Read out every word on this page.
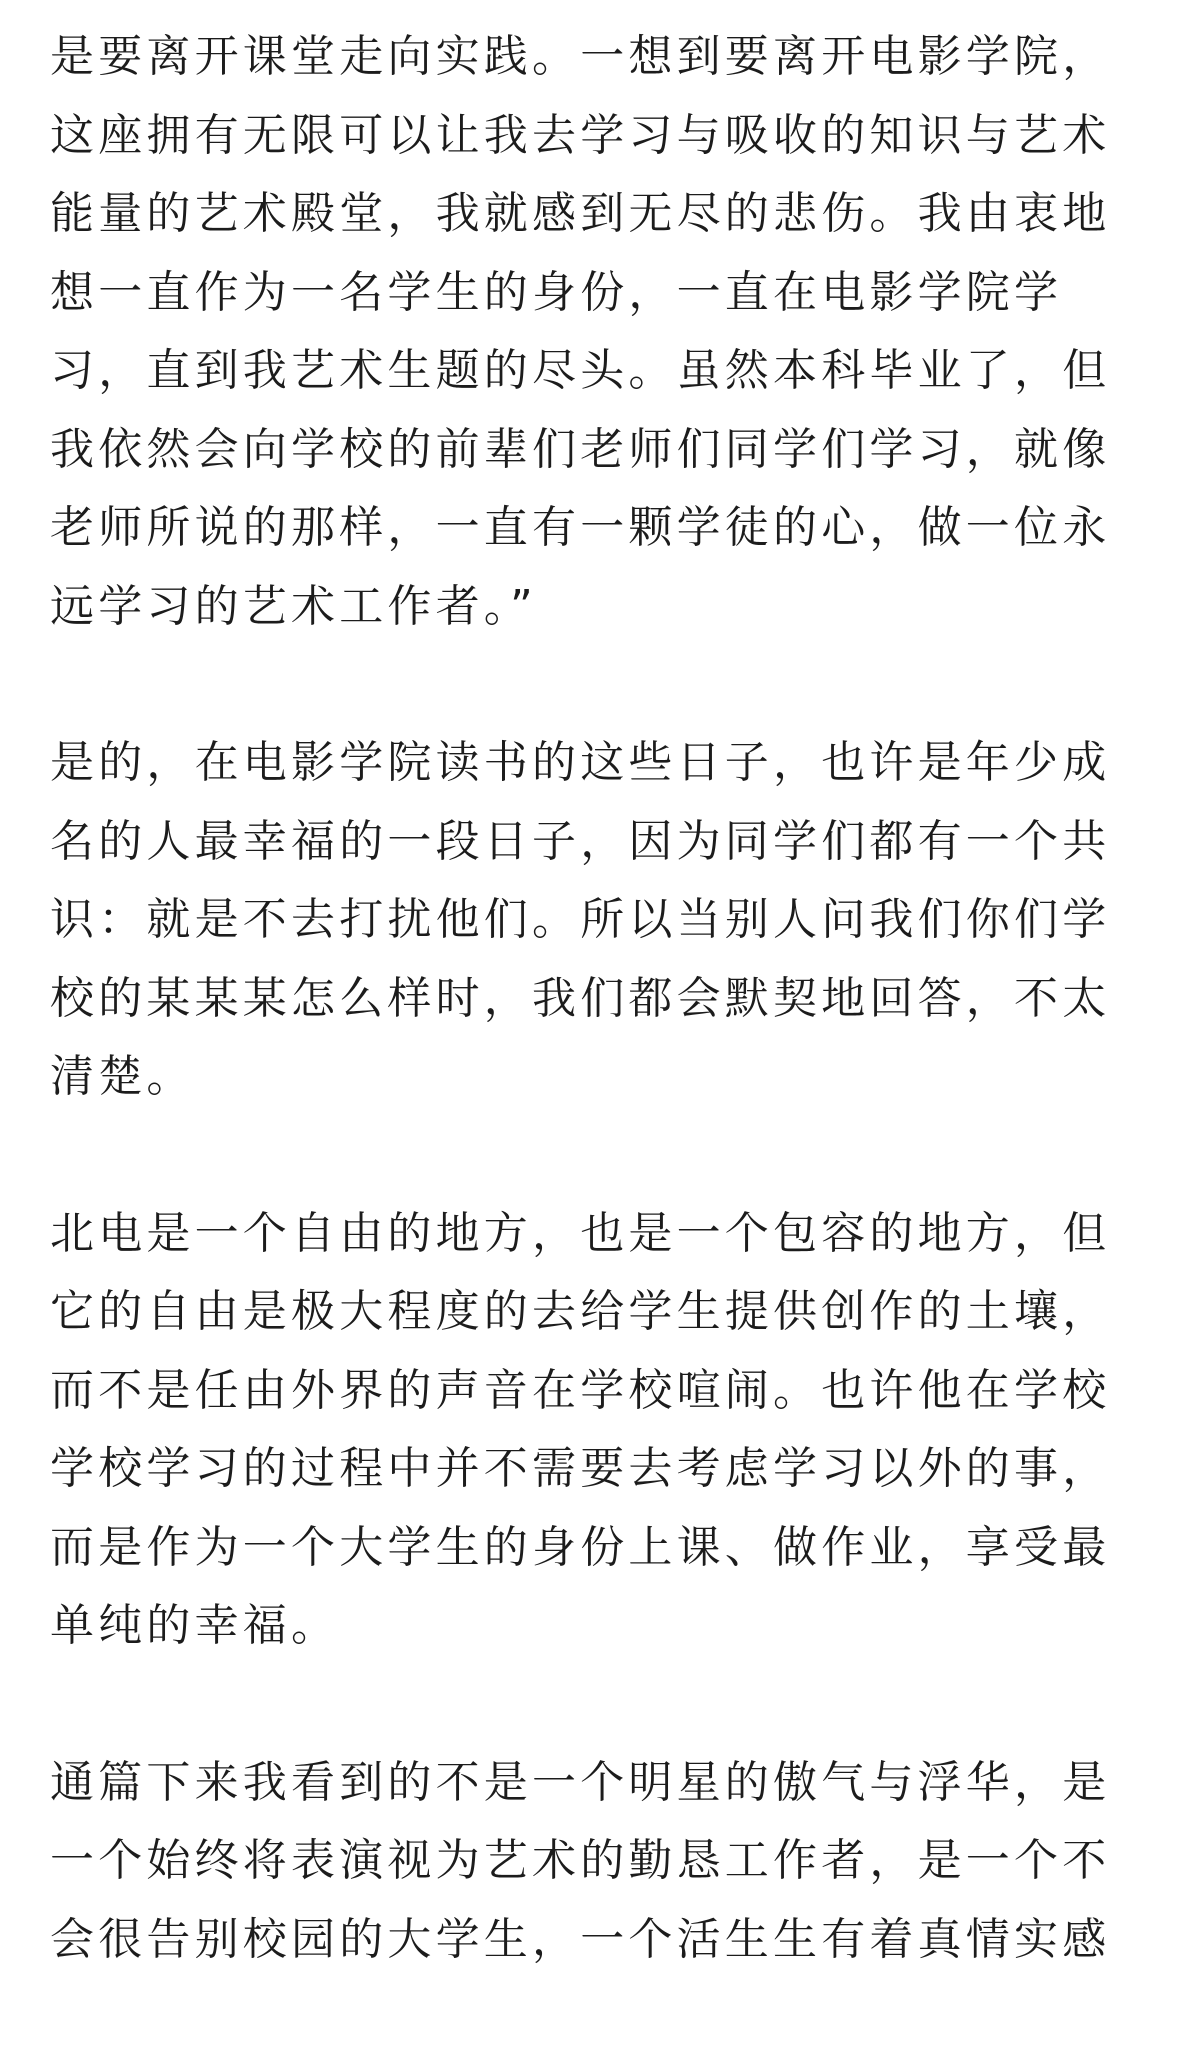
是要离开课堂走向实践。一想到要离开电影学院，
这座拥有无限可以让我去学习与吸收的知识与艺术
能量的艺术殿堂，我就感到无尽的悲伤。我由衷地
想一直作为一名学生的身份，一直在电影学院学
习，直到我艺术生题的尽头。虽然本科毕业了，但
我依然会向学校的前辈们老师们同学们学习，就像
老师所说的那样，一直有一颗学徒的心，做一位永
远学习的艺术工作者。”
是的，在电影学院读书的这些日子，也许是年少成
名的人最幸福的一段日子，因为同学们都有一个共
识：就是不去打扰他们。所以当别人问我们你们学
校的某某某怎么样时，我们都会默契地回答，不太
清楚。
北电是一个自由的地方，也是一个包容的地方，但
它的自由是极大程度的去给学生提供创作的土壤，
而不是任由外界的声音在学校喧闹。也许他在学校
学校学习的过程中并不需要去考虑学习以外的事，
而是作为一个大学生的身份上课、做作业，享受最
单纯的幸福。
通篇下来我看到的不是一个明星的傲气与浮华，是
一个始终将表演视为艺术的勤恳工作者，是一个不
会很告别校园的大学生，一个活生生有着真情实感
